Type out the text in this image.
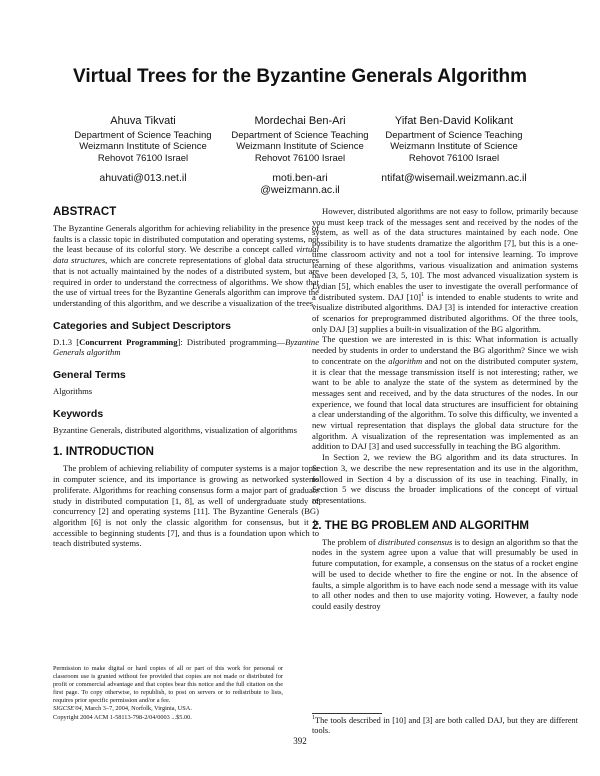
Virtual Trees for the Byzantine Generals Algorithm
Ahuva Tikvati
Department of Science Teaching
Weizmann Institute of Science
Rehovot 76100 Israel
ahuvati@013.net.il
Mordechai Ben-Ari
Department of Science Teaching
Weizmann Institute of Science
Rehovot 76100 Israel
moti.ben-ari
@weizmann.ac.il
Yifat Ben-David Kolikant
Department of Science Teaching
Weizmann Institute of Science
Rehovot 76100 Israel
ntifat@wisemail.weizmann.ac.il
ABSTRACT

The Byzantine Generals algorithm for achieving reliability in the presence of faults is a classic topic in distributed computation and operating systems, not the least because of its colorful story. We describe a concept called virtual data structures, which are concrete representations of global data structures that is not actually maintained by the nodes of a distributed system, but are required in order to understand the correctness of algorithms. We show that the use of virtual trees for the Byzantine Generals algorithm can improve the understanding of this algorithm, and we describe a visualization of the trees.

Categories and Subject Descriptors

D.1.3 [Concurrent Programming]: Distributed programming—Byzantine Generals algorithm

General Terms

Algorithms

Keywords

Byzantine Generals, distributed algorithms, visualization of algorithms

1. INTRODUCTION

The problem of achieving reliability of computer systems is a major topic in computer science, and its importance is growing as networked systems proliferate. Algorithms for reaching consensus form a major part of graduate study in distributed computation [1, 8], as well of undergraduate study of concurrency [2] and operating systems [11]. The Byzantine Generals (BG) algorithm [6] is not only the classic algorithm for consensus, but it is accessible to beginning students [7], and thus is a foundation upon which to teach distributed systems.

Permission to make digital or hard copies of all or part of this work for personal or classroom use is granted without fee provided that copies are not made or distributed for profit or commercial advantage and that copies bear this notice and the full citation on the first page. To copy otherwise, to republish, to post on servers or to redistribute to lists, requires prior specific permission and/or a fee.

SIGCSE'04, March 3–7, 2004, Norfolk, Virginia, USA.

Copyright 2004 ACM 1-58113-798-2/04/0003 ...$5.00.

However, distributed algorithms are not easy to follow, primarily because you must keep track of the messages sent and received by the nodes of the system, as well as of the data structures maintained by each node. One possibility is to have students dramatize the algorithm [7], but this is a one-time classroom activity and not a tool for intensive learning. To improve learning of these algorithms, various visualization and animation systems have been developed [3, 5, 10]. The most advanced visualization system is Lydian [5], which enables the user to investigate the overall performance of a distributed system. DAJ $[10]^1$ is intended to enable students to write and visualize distributed algorithms. DAJ [3] is intended for interactive creation of scenarios for preprogrammed distributed algorithms. Of the three tools, only DAJ [3] supplies a built-in visualization of the BG algorithm.

The question we are interested in is this: What information is actually needed by students in order to understand the BG algorithm? Since we wish to concentrate on the algorithm and not on the distributed computer system, it is clear that the message transmission itself is not interesting; rather, we want to be able to analyze the state of the system as determined by the messages sent and received, and by the data structures of the nodes. In our experience, we found that local data structures are insufficient for obtaining a clear understanding of the algorithm. To solve this difficulty, we invented a new virtual representation that displays the global data structure for the algorithm. A visualization of the representation was implemented as an addition to DAJ [3] and used successfully in teaching the BG algorithm.

In Section 2, we review the BG algorithm and its data structures. In Section 3, we describe the new representation and its use in the algorithm, followed in Section 4 by a discussion of its use in teaching. Finally, in Section 5 we discuss the broader implications of the concept of virtual representations.

2. THE BG PROBLEM AND ALGORITHM

The problem of distributed consensus is to design an algorithm so that the nodes in the system agree upon a value that will presumably be used in future computation, for example, a consensus on the status of a rocket engine will be used to decide whether to fire the engine or not. In the absence of faults, a simple algorithm is to have each node send a message with its value to all other nodes and then to use majority voting. However, a faulty node could easily destroy

$^1$The tools described in [10] and [3] are both called DAJ, but they are different tools.
392
